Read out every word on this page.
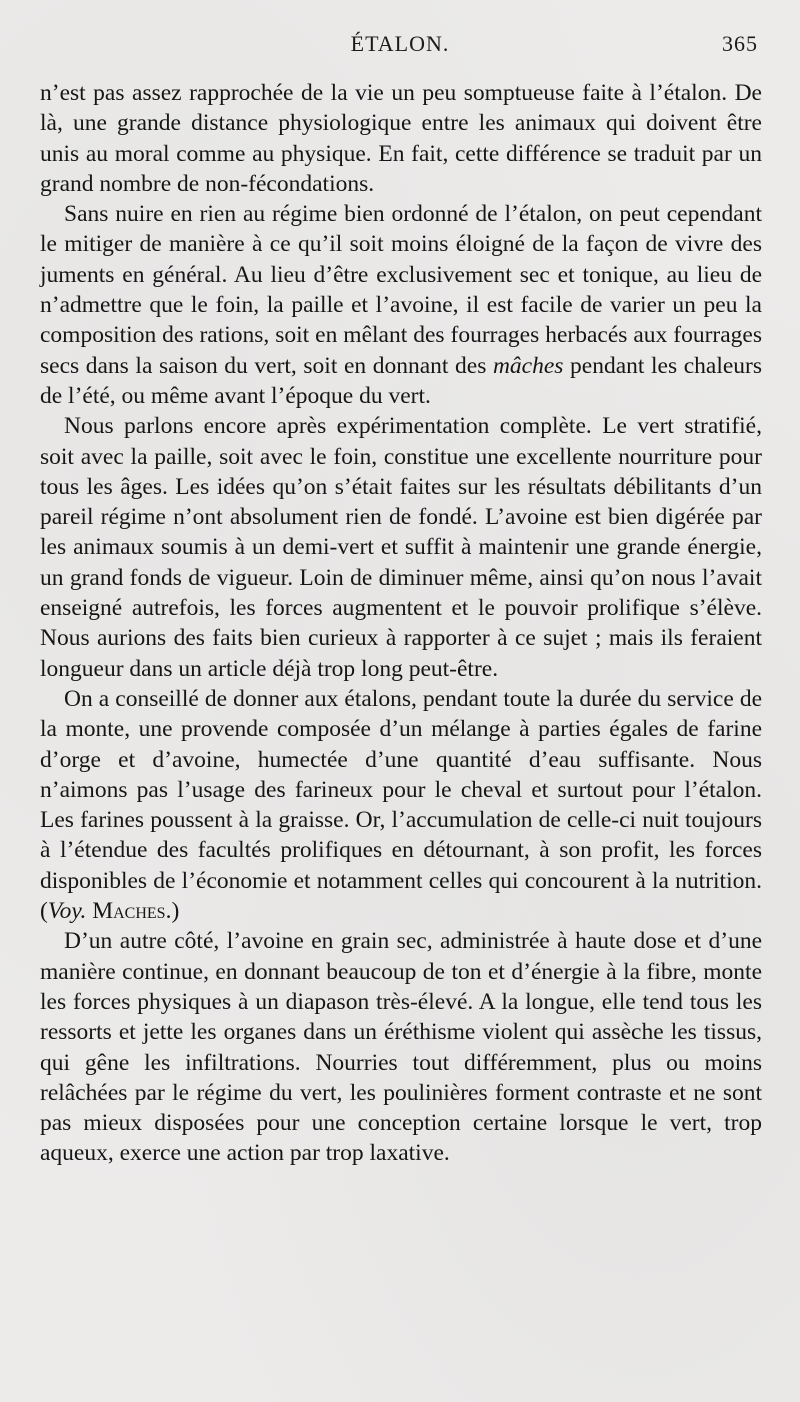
ÉTALON.	365

n’est pas assez rapprochée de la vie un peu somptueuse faite à l’étalon. De là, une grande distance physiologique entre les animaux qui doivent être unis au moral comme au physique. En fait, cette différence se traduit par un grand nombre de non-fécondations.

Sans nuire en rien au régime bien ordonné de l’étalon, on peut cependant le mitiger de manière à ce qu’il soit moins éloigné de la façon de vivre des juments en général. Au lieu d’être exclusivement sec et tonique, au lieu de n’admettre que le foin, la paille et l’avoine, il est facile de varier un peu la composition des rations, soit en mêlant des fourrages herbacés aux fourrages secs dans la saison du vert, soit en donnant des mâches pendant les chaleurs de l’été, ou même avant l’époque du vert.

Nous parlons encore après expérimentation complète. Le vert stratifié, soit avec la paille, soit avec le foin, constitue une excellente nourriture pour tous les âges. Les idées qu’on s’était faites sur les résultats débilitants d’un pareil régime n’ont absolument rien de fondé. L’avoine est bien digérée par les animaux soumis à un demi-vert et suffit à maintenir une grande énergie, un grand fonds de vigueur. Loin de diminuer même, ainsi qu’on nous l’avait enseigné autrefois, les forces augmentent et le pouvoir prolifique s’élève. Nous aurions des faits bien curieux à rapporter à ce sujet ; mais ils feraient longueur dans un article déjà trop long peut-être.

On a conseillé de donner aux étalons, pendant toute la durée du service de la monte, une provende composée d’un mélange à parties égales de farine d’orge et d’avoine, humectée d’une quantité d’eau suffisante. Nous n’aimons pas l’usage des farineux pour le cheval et surtout pour l’étalon. Les farines poussent à la graisse. Or, l’accumulation de celle-ci nuit toujours à l’étendue des facultés prolifiques en détournant, à son profit, les forces disponibles de l’économie et notamment celles qui concourent à la nutrition. (Voy. Maches.)

D’un autre côté, l’avoine en grain sec, administrée à haute dose et d’une manière continue, en donnant beaucoup de ton et d’énergie à la fibre, monte les forces physiques à un diapason très-élevé. A la longue, elle tend tous les ressorts et jette les organes dans un éréthisme violent qui assèche les tissus, qui gêne les infiltrations. Nourries tout différemment, plus ou moins relâchées par le régime du vert, les poulinières forment contraste et ne sont pas mieux disposées pour une conception certaine lorsque le vert, trop aqueux, exerce une action par trop laxative.
